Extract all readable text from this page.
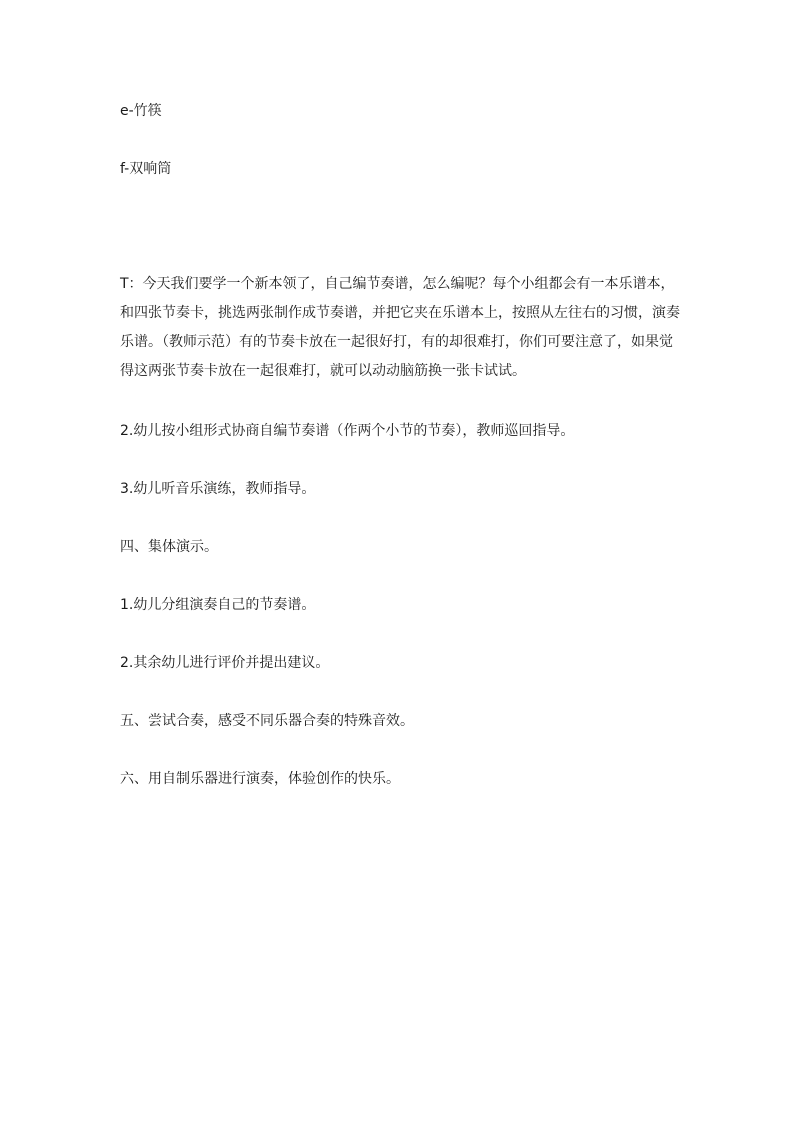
e-竹筷
f-双响筒
T：今天我们要学一个新本领了，自己编节奏谱，怎么编呢？每个小组都会有一本乐谱本，
和四张节奏卡，挑选两张制作成节奏谱，并把它夹在乐谱本上，按照从左往右的习惯，演奏
乐谱。（教师示范）有的节奏卡放在一起很好打，有的却很难打，你们可要注意了，如果觉
得这两张节奏卡放在一起很难打，就可以动动脑筋换一张卡试试。
2.幼儿按小组形式协商自编节奏谱（作两个小节的节奏），教师巡回指导。
3.幼儿听音乐演练，教师指导。
四、集体演示。
1.幼儿分组演奏自己的节奏谱。
2.其余幼儿进行评价并提出建议。
五、尝试合奏，感受不同乐器合奏的特殊音效。
六、用自制乐器进行演奏，体验创作的快乐。
